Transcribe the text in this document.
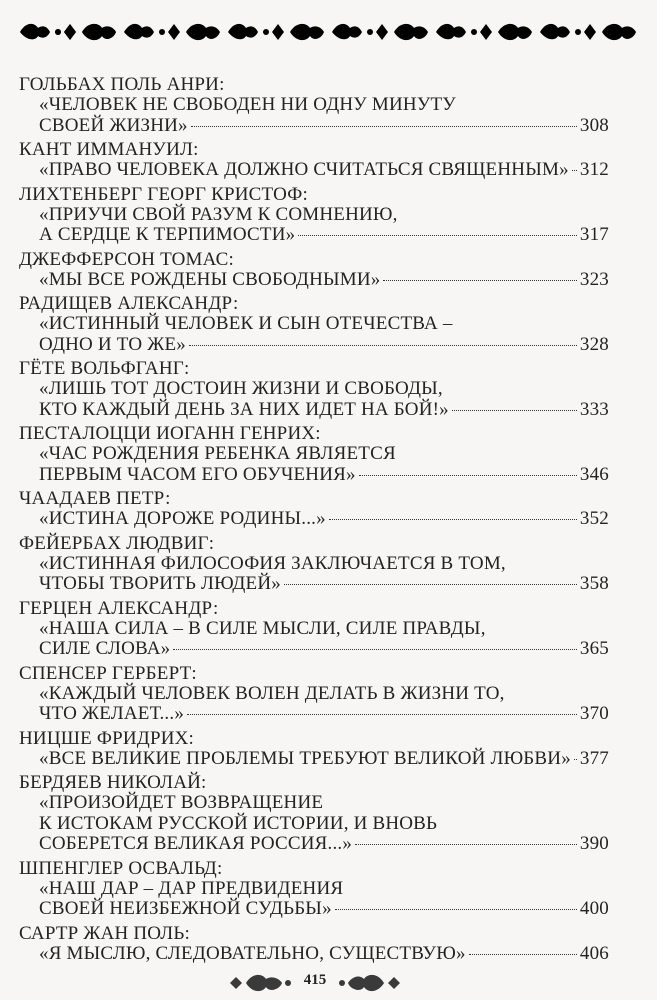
ГОЛЬБАХ ПОЛЬ АНРИ:
«ЧЕЛОВЕК НЕ СВОБОДЕН НИ ОДНУ МИНУТУ
СВОЕЙ ЖИЗНИ»	308
КАНТ ИММАНУИЛ:
«ПРАВО ЧЕЛОВЕКА ДОЛЖНО СЧИТАТЬСЯ СВЯЩЕННЫМ» 312
ЛИХТЕНБЕРГ ГЕОРГ КРИСТОФ:
«ПРИУЧИ СВОЙ РАЗУМ К СОМНЕНИЮ,
А СЕРДЦЕ К ТЕРПИМОСТИ»	317
ДЖЕФФЕРСОН ТОМАС:
«МЫ ВСЕ РОЖДЕНЫ СВОБОДНЫМИ»	323
РАДИЩЕВ АЛЕКСАНДР:
«ИСТИННЫЙ ЧЕЛОВЕК И СЫН ОТЕЧЕСТВА –
ОДНО И ТО ЖЕ»	328
ГЁТЕ ВОЛЬФГАНГ:
«ЛИШЬ ТОТ ДОСТОИН ЖИЗНИ И СВОБОДЫ,
КТО КАЖДЫЙ ДЕНЬ ЗА НИХ ИДЕТ НА БОЙ!»	333
ПЕСТАЛОЦЦИ ИОГАНН ГЕНРИХ:
«ЧАС РОЖДЕНИЯ РЕБЕНКА ЯВЛЯЕТСЯ
ПЕРВЫМ ЧАСОМ ЕГО ОБУЧЕНИЯ»	346
ЧААДАЕВ ПЕТР:
«ИСТИНА ДОРОЖЕ РОДИНЫ...»	352
ФЕЙЕРБАХ ЛЮДВИГ:
«ИСТИННАЯ ФИЛОСОФИЯ ЗАКЛЮЧАЕТСЯ В ТОМ,
ЧТОБЫ ТВОРИТЬ ЛЮДЕЙ»	358
ГЕРЦЕН АЛЕКСАНДР:
«НАША СИЛА – В СИЛЕ МЫСЛИ, СИЛЕ ПРАВДЫ,
СИЛЕ СЛОВА»	365
СПЕНСЕР ГЕРБЕРТ:
«КАЖДЫЙ ЧЕЛОВЕК ВОЛЕН ДЕЛАТЬ В ЖИЗНИ ТО,
ЧТО ЖЕЛАЕТ...»	370
НИЦШЕ ФРИДРИХ:
«ВСЕ ВЕЛИКИЕ ПРОБЛЕМЫ ТРЕБУЮТ ВЕЛИКОЙ ЛЮБВИ» 377
БЕРДЯЕВ НИКОЛАЙ:
«ПРОИЗОЙДЕТ ВОЗВРАЩЕНИЕ
К ИСТОКАМ РУССКОЙ ИСТОРИИ, И ВНОВЬ
СОБЕРЕТСЯ ВЕЛИКАЯ РОССИЯ...»	390
ШПЕНГЛЕР ОСВАЛЬД:
«НАШ ДАР – ДАР ПРЕДВИДЕНИЯ
СВОЕЙ НЕИЗБЕЖНОЙ СУДЬБЫ»	400
САРТР ЖАН ПОЛЬ:
«Я МЫСЛЮ, СЛЕДОВАТЕЛЬНО, СУЩЕСТВУЮ»	406
415
